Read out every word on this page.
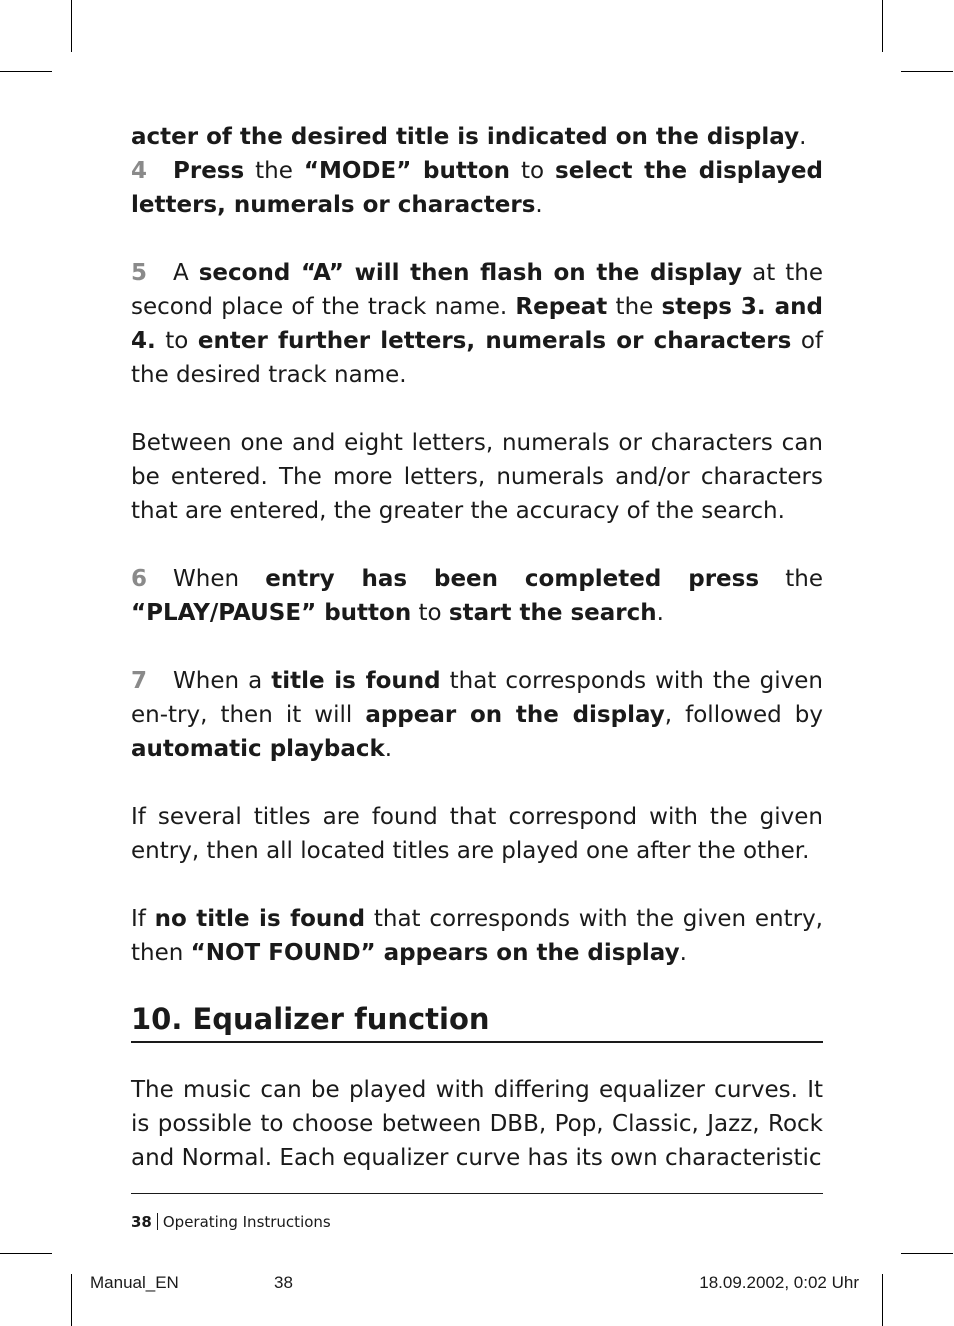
acter of the desired title is indicated on the display.

4 Press the “MODE” button to select the displayed letters, numerals or characters.

5 A second “A” will then flash on the display at the second place of the track name. Repeat the steps 3. and 4. to enter further letters, numerals or characters of the desired track name.

Between one and eight letters, numerals or characters can be entered. The more letters, numerals and/or characters that are entered, the greater the accuracy of the search.

6 When entry has been completed press the “PLAY/PAUSE” button to start the search.

7 When a title is found that corresponds with the given en-try, then it will appear on the display, followed by automatic playback.

If several titles are found that correspond with the given entry, then all located titles are played one after the other.

If no title is found that corresponds with the given entry, then “NOT FOUND” appears on the display.

10. Equalizer function

The music can be played with differing equalizer curves. It is possible to choose between DBB, Pop, Classic, Jazz, Rock and Normal. Each equalizer curve has its own characteristic

38 Operating Instructions
Manual_EN	38	18.09.2002, 0:02 Uhr
